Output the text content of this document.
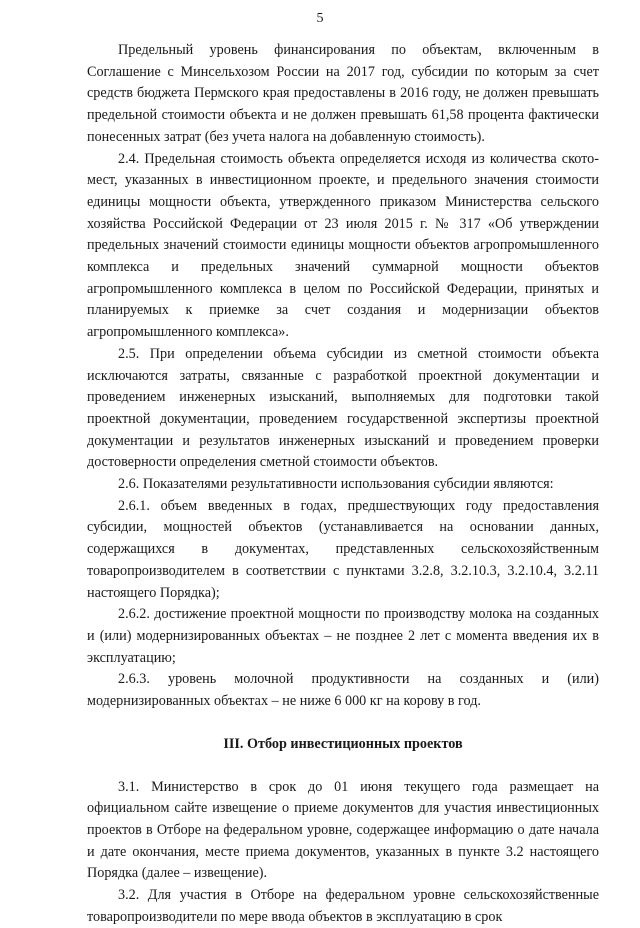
5

Предельный уровень финансирования по объектам, включенным в Соглашение с Минсельхозом России на 2017 год, субсидии по которым за счет средств бюджета Пермского края предоставлены в 2016 году, не должен превышать предельной стоимости объекта и не должен превышать 61,58 процента фактически понесенных затрат (без учета налога на добавленную стоимость).

2.4. Предельная стоимость объекта определяется исходя из количества ското-мест, указанных в инвестиционном проекте, и предельного значения стоимости единицы мощности объекта, утвержденного приказом Министерства сельского хозяйства Российской Федерации от 23 июля 2015 г. № 317 «Об утверждении предельных значений стоимости единицы мощности объектов агропромышленного комплекса и предельных значений суммарной мощности объектов агропромышленного комплекса в целом по Российской Федерации, принятых и планируемых к приемке за счет создания и модернизации объектов агропромышленного комплекса».

2.5. При определении объема субсидии из сметной стоимости объекта исключаются затраты, связанные с разработкой проектной документации и проведением инженерных изысканий, выполняемых для подготовки такой проектной документации, проведением государственной экспертизы проектной документации и результатов инженерных изысканий и проведением проверки достоверности определения сметной стоимости объектов.

2.6. Показателями результативности использования субсидии являются:

2.6.1. объем введенных в годах, предшествующих году предоставления субсидии, мощностей объектов (устанавливается на основании данных, содержащихся в документах, представленных сельскохозяйственным товаропроизводителем в соответствии с пунктами 3.2.8, 3.2.10.3, 3.2.10.4, 3.2.11 настоящего Порядка);

2.6.2. достижение проектной мощности по производству молока на созданных и (или) модернизированных объектах – не позднее 2 лет с момента введения их в эксплуатацию;

2.6.3. уровень молочной продуктивности на созданных и (или) модернизированных объектах – не ниже 6 000 кг на корову в год.

III. Отбор инвестиционных проектов

3.1. Министерство в срок до 01 июня текущего года размещает на официальном сайте извещение о приеме документов для участия инвестиционных проектов в Отборе на федеральном уровне, содержащее информацию о дате начала и дате окончания, месте приема документов, указанных в пункте 3.2 настоящего Порядка (далее – извещение).

3.2. Для участия в Отборе на федеральном уровне сельскохозяйственные товаропроизводители по мере ввода объектов в эксплуатацию в срок
